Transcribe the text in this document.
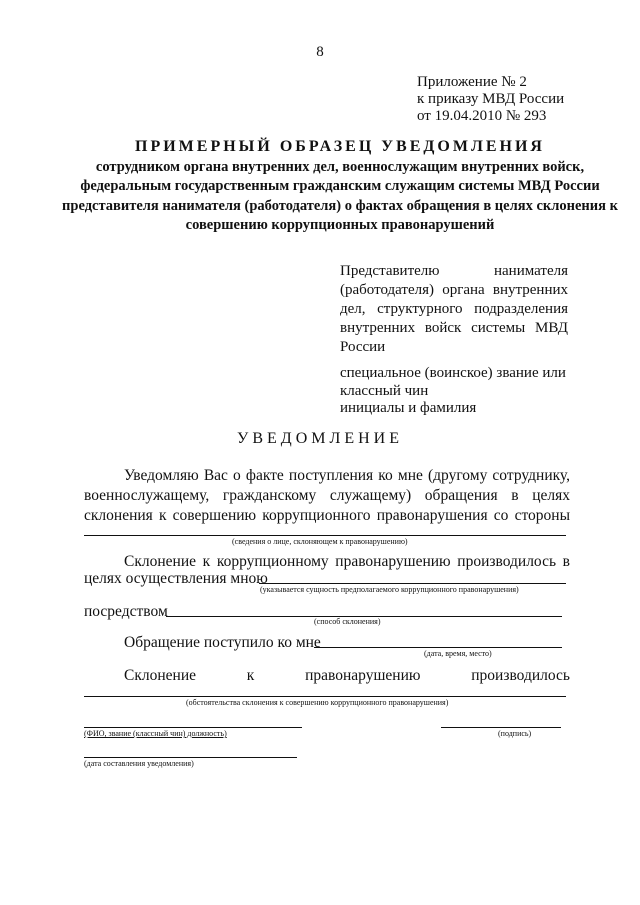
8
Приложение № 2
к приказу МВД России
от 19.04.2010 № 293
ПРИМЕРНЫЙ ОБРАЗЕЦ УВЕДОМЛЕНИЯ
сотрудником органа внутренних дел, военнослужащим внутренних войск, федеральным государственным гражданским служащим системы МВД России представителя нанимателя (работодателя) о фактах обращения в целях склонения к совершению коррупционных правонарушений
Представителю нанимателя
(работодателя) органа внутренних
дел, структурного подразделения
внутренних войск системы МВД
России
специальное (воинское) звание или
классный чин
инициалы и фамилия
УВЕДОМЛЕНИЕ
Уведомляю Вас о факте поступления ко мне (другому сотруднику,
военнослужащему, гражданскому служащему) обращения в целях
склонения к совершению коррупционного правонарушения со стороны
(сведения о лице, склоняющем к правонарушению)
Склонение к коррупционному правонарушению производилось в
целях осуществления мною
(указывается сущность предполагаемого коррупционного правонарушения)
посредством
(способ склонения)
Обращение поступило ко мне
(дата, время, место)
Склонение к правонарушению производилось
(обстоятельства склонения к совершению коррупционного правонарушения)
(ФИО, звание (классный чин) должность)	(подпись)
(дата составления уведомления)
